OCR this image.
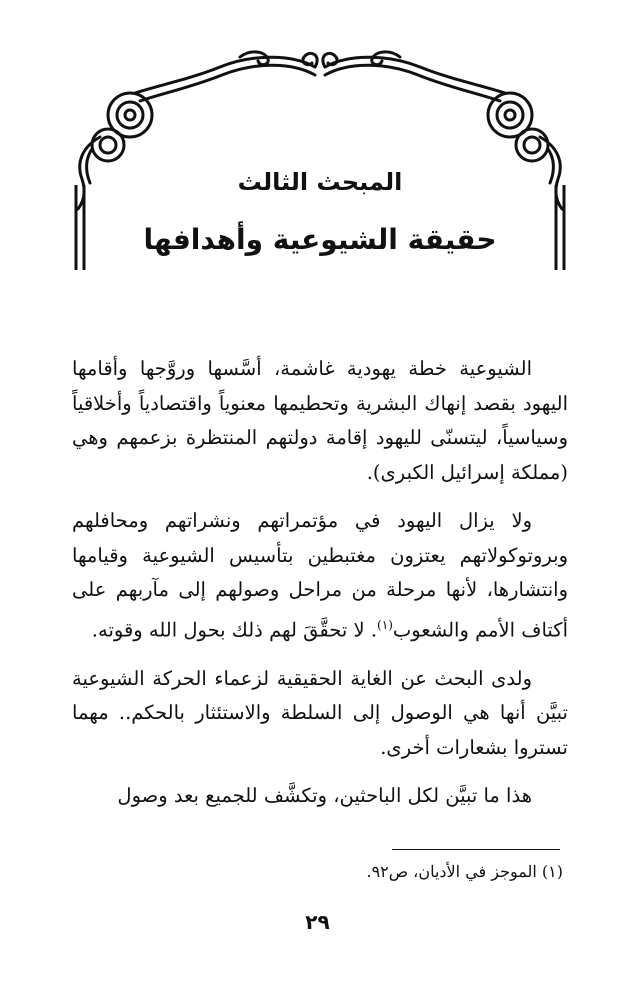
المبحث الثالث
حقيقة الشيوعية وأهدافها

الشيوعية خطة يهودية غاشمة، أسَّسها وروَّجها وأقامها اليهود بقصد إنهاك البشرية وتحطيمها معنوياً واقتصادياً وأخلاقياً وسياسياً، ليتسنّى لليهود إقامة دولتهم المنتظرة بزعمهم وهي (مملكة إسرائيل الكبرى).

ولا يزال اليهود في مؤتمراتهم ونشراتهم ومحافلهم وبروتوكولاتهم يعتزون مغتبطين بتأسيس الشيوعية وقيامها وانتشارها، لأنها مرحلة من مراحل وصولهم إلى مآربهم على أكتاف الأمم والشعوب$^{(١)}$. لا تحقَّقَ لهم ذلك بحول الله وقوته.

ولدى البحث عن الغاية الحقيقية لزعماء الحركة الشيوعية تبيَّن أنها هي الوصول إلى السلطة والاستئثار بالحكم.. مهما تستروا بشعارات أخرى.

هذا ما تبيَّن لكل الباحثين، وتكشَّف للجميع بعد وصول

(١) الموجز في الأديان، ص٩٢.
٢٩
